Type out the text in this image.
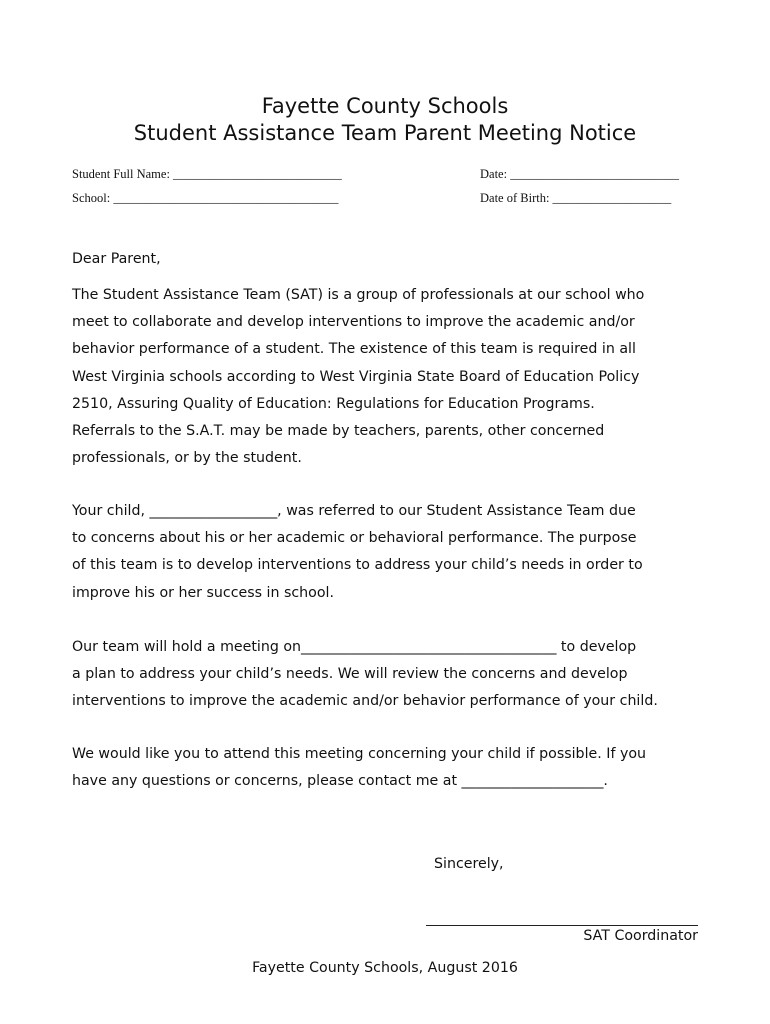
Fayette County Schools
Student Assistance Team Parent Meeting Notice
Student Full Name: ___________________________	Date: ___________________________
School: ____________________________________	Date of Birth: ___________________
Dear Parent,
The Student Assistance Team (SAT) is a group of professionals at our school who
meet to collaborate and develop interventions to improve the academic and/or
behavior performance of a student. The existence of this team is required in all
West Virginia schools according to West Virginia State Board of Education Policy
2510, Assuring Quality of Education: Regulations for Education Programs.
Referrals to the S.A.T. may be made by teachers, parents, other concerned
professionals, or by the student.
Your child, __________________, was referred to our Student Assistance Team due
to concerns about his or her academic or behavioral performance. The purpose
of this team is to develop interventions to address your child’s needs in order to
improve his or her success in school.
Our team will hold a meeting on____________________________________ to develop
a plan to address your child’s needs. We will review the concerns and develop
interventions to improve the academic and/or behavior performance of your child.
We would like you to attend this meeting concerning your child if possible. If you
have any questions or concerns, please contact me at ____________________.
Sincerely,
SAT Coordinator
Fayette County Schools, August 2016
